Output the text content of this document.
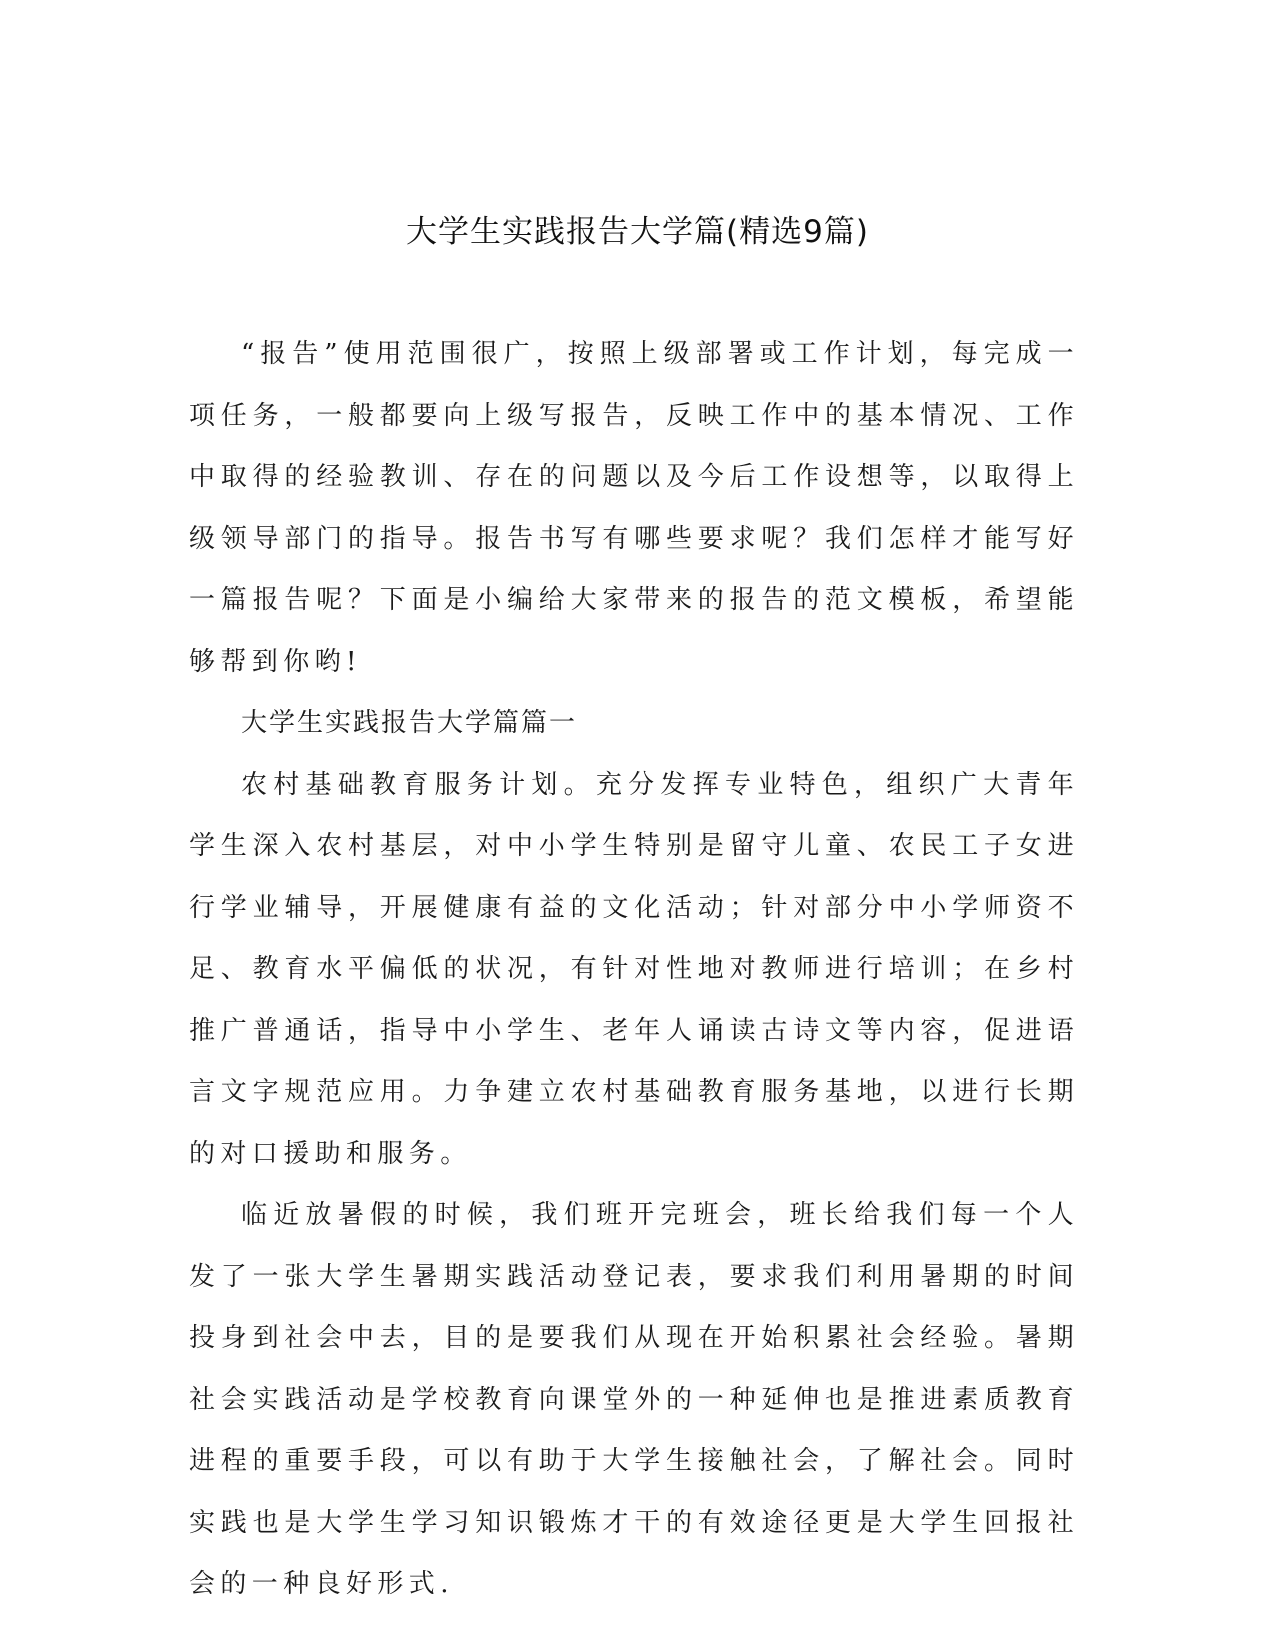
大学生实践报告大学篇(精选9篇)

“报告”使用范围很广，按照上级部署或工作计划，每完成一项任务，一般都要向上级写报告，反映工作中的基本情况、工作中取得的经验教训、存在的问题以及今后工作设想等，以取得上级领导部门的指导。报告书写有哪些要求呢？我们怎样才能写好一篇报告呢？下面是小编给大家带来的报告的范文模板，希望能够帮到你哟!

大学生实践报告大学篇篇一

农村基础教育服务计划。充分发挥专业特色，组织广大青年学生深入农村基层，对中小学生特别是留守儿童、农民工子女进行学业辅导，开展健康有益的文化活动；针对部分中小学师资不足、教育水平偏低的状况，有针对性地对教师进行培训；在乡村推广普通话，指导中小学生、老年人诵读古诗文等内容，促进语言文字规范应用。力争建立农村基础教育服务基地，以进行长期的对口援助和服务。

临近放暑假的时候，我们班开完班会，班长给我们每一个人发了一张大学生暑期实践活动登记表，要求我们利用暑期的时间投身到社会中去，目的是要我们从现在开始积累社会经验。暑期社会实践活动是学校教育向课堂外的一种延伸也是推进素质教育进程的重要手段，可以有助于大学生接触社会，了解社会。同时实践也是大学生学习知识锻炼才干的有效途径更是大学生回报社会的一种良好形式.
